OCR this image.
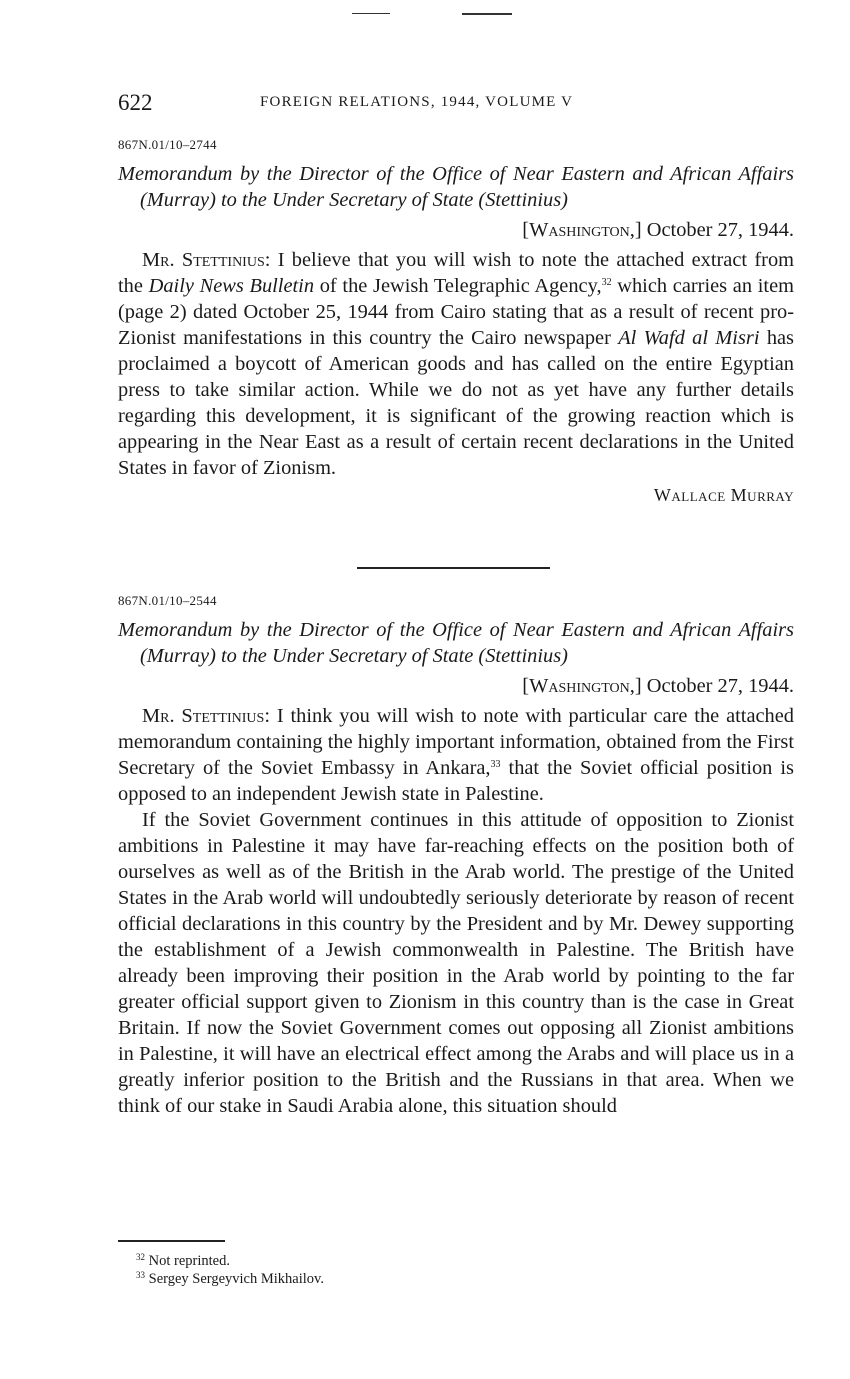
622	FOREIGN RELATIONS, 1944, VOLUME V

867N.01/10–2744

Memorandum by the Director of the Office of Near Eastern and African Affairs (Murray) to the Under Secretary of State (Stettinius)

[Washington,] October 27, 1944.

Mr. Stettinius: I believe that you will wish to note the attached extract from the Daily News Bulletin of the Jewish Telegraphic Agency,$^{32}$ which carries an item (page 2) dated October 25, 1944 from Cairo stating that as a result of recent pro-Zionist manifestations in this country the Cairo newspaper Al Wafd al Misri has proclaimed a boycott of American goods and has called on the entire Egyptian press to take similar action. While we do not as yet have any further details regarding this development, it is significant of the growing reaction which is appearing in the Near East as a result of certain recent declarations in the United States in favor of Zionism.

Wallace Murray

867N.01/10–2544

Memorandum by the Director of the Office of Near Eastern and African Affairs (Murray) to the Under Secretary of State (Stettinius)

[Washington,] October 27, 1944.

Mr. Stettinius: I think you will wish to note with particular care the attached memorandum containing the highly important information, obtained from the First Secretary of the Soviet Embassy in Ankara,$^{33}$ that the Soviet official position is opposed to an independent Jewish state in Palestine.

If the Soviet Government continues in this attitude of opposition to Zionist ambitions in Palestine it may have far-reaching effects on the position both of ourselves as well as of the British in the Arab world. The prestige of the United States in the Arab world will undoubtedly seriously deteriorate by reason of recent official declarations in this country by the President and by Mr. Dewey supporting the establishment of a Jewish commonwealth in Palestine. The British have already been improving their position in the Arab world by pointing to the far greater official support given to Zionism in this country than is the case in Great Britain. If now the Soviet Government comes out opposing all Zionist ambitions in Palestine, it will have an electrical effect among the Arabs and will place us in a greatly inferior position to the British and the Russians in that area. When we think of our stake in Saudi Arabia alone, this situation should

$^{32}$ Not reprinted.
$^{33}$ Sergey Sergeyvich Mikhailov.
